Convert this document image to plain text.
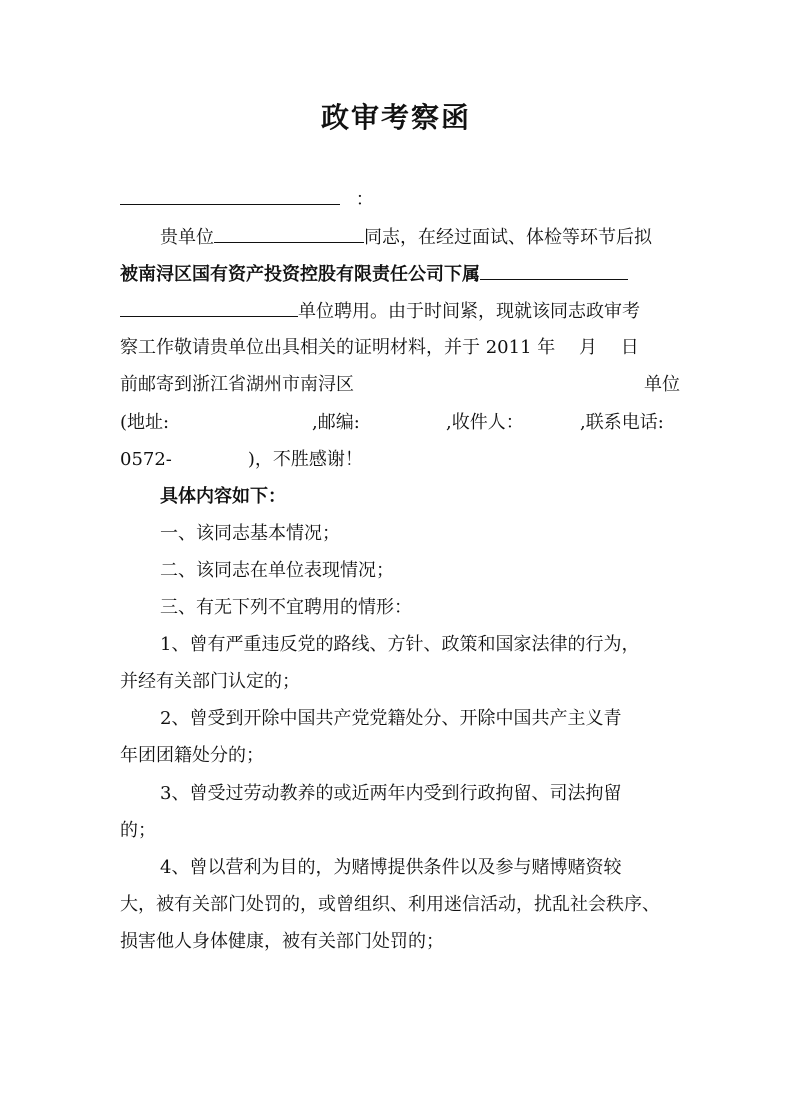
政审考察函
：
贵单位	同志，在经过面试、体检等环节后拟
被南浔区国有资产投资控股有限责任公司下属
单位聘用。由于时间紧，现就该同志政审考
察工作敬请贵单位出具相关的证明材料，并于 2011 年　 月　 日
前邮寄到浙江省湖州市南浔区	单位
(地址:	,邮编:	,收件人：	,联系电话:
0572-	)，不胜感谢！
具体内容如下：
一、该同志基本情况；
二、该同志在单位表现情况；
三、有无下列不宜聘用的情形：
1、曾有严重违反党的路线、方针、政策和国家法律的行为，
并经有关部门认定的；
2、曾受到开除中国共产党党籍处分、开除中国共产主义青
年团团籍处分的；
3、曾受过劳动教养的或近两年内受到行政拘留、司法拘留
的；
4、曾以营利为目的，为赌博提供条件以及参与赌博赌资较
大，被有关部门处罚的，或曾组织、利用迷信活动，扰乱社会秩序、
损害他人身体健康，被有关部门处罚的；
